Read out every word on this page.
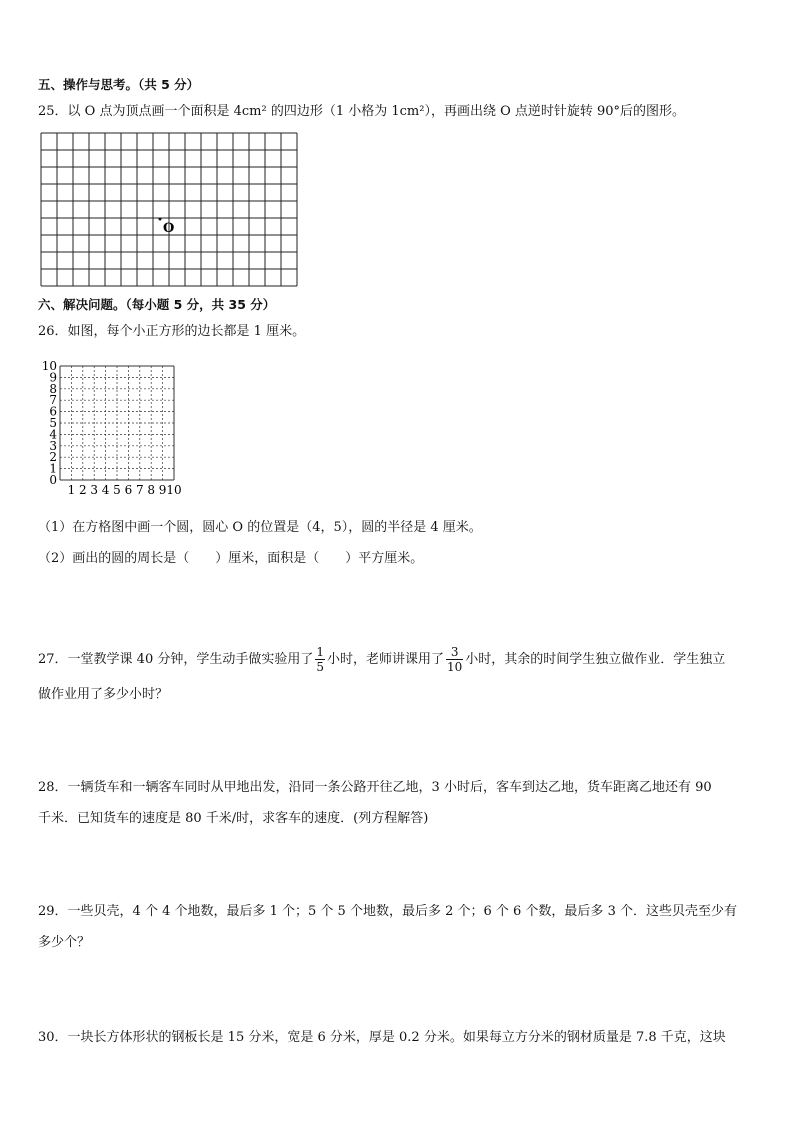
五、操作与思考。（共 5 分）
25．以 O 点为顶点画一个面积是 4cm² 的四边形（1 小格为 1cm²），再画出绕 O 点逆时针旋转 90°后的图形。
O
六、解决问题。（每小题 5 分，共 35 分）
26．如图，每个小正方形的边长都是 1 厘米。
0
1
2
3
4
5
6
7
8
9
10
1 2 3 4 5 6 7 8 9 10
（1）在方格图中画一个圆，圆心 O 的位置是（4，5），圆的半径是 4 厘米。
（2）画出的圆的周长是（　　）厘米，面积是（　　）平方厘米。
27．一堂教学课 40 分钟，学生动手做实验用了 $\frac{1}{5}$ 小时，老师讲课用了 $\frac{3}{10}$ 小时，其余的时间学生独立做作业．学生独立
做作业用了多少小时？
28．一辆货车和一辆客车同时从甲地出发，沿同一条公路开往乙地，3 小时后，客车到达乙地，货车距离乙地还有 90
千米．已知货车的速度是 80 千米/时，求客车的速度．(列方程解答)
29．一些贝壳，4 个 4 个地数，最后多 1 个；5 个 5 个地数，最后多 2 个；6 个 6 个数，最后多 3 个．这些贝壳至少有
多少个？
30．一块长方体形状的钢板长是 15 分米，宽是 6 分米，厚是 0.2 分米。如果每立方分米的钢材质量是 7.8 千克，这块
